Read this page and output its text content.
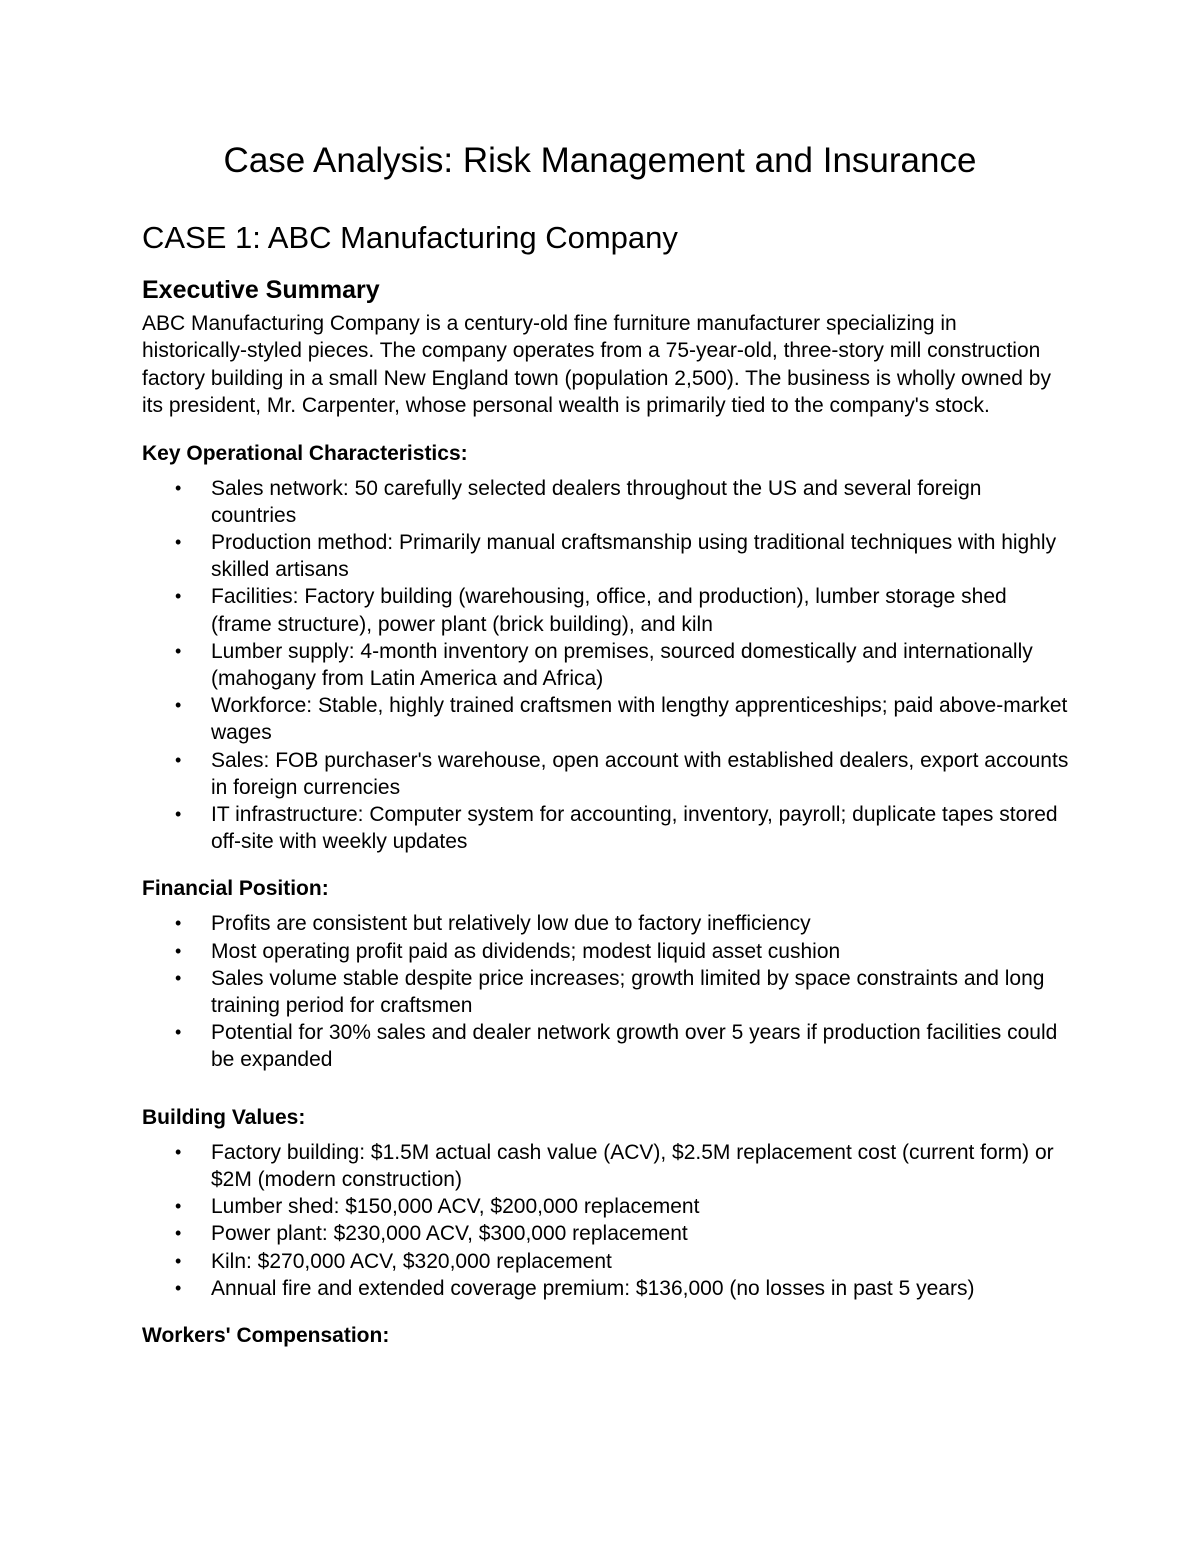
Case Analysis: Risk Management and Insurance
CASE 1: ABC Manufacturing Company
Executive Summary

ABC Manufacturing Company is a century-old fine furniture manufacturer specializing in historically-styled pieces. The company operates from a 75-year-old, three-story mill construction factory building in a small New England town (population 2,500). The business is wholly owned by its president, Mr. Carpenter, whose personal wealth is primarily tied to the company's stock.

Key Operational Characteristics:
• Sales network: 50 carefully selected dealers throughout the US and several foreign countries
• Production method: Primarily manual craftsmanship using traditional techniques with highly skilled artisans
• Facilities: Factory building (warehousing, office, and production), lumber storage shed (frame structure), power plant (brick building), and kiln
• Lumber supply: 4-month inventory on premises, sourced domestically and internationally (mahogany from Latin America and Africa)
• Workforce: Stable, highly trained craftsmen with lengthy apprenticeships; paid above-market wages
• Sales: FOB purchaser's warehouse, open account with established dealers, export accounts in foreign currencies
• IT infrastructure: Computer system for accounting, inventory, payroll; duplicate tapes stored off-site with weekly updates
Financial Position:
• Profits are consistent but relatively low due to factory inefficiency
• Most operating profit paid as dividends; modest liquid asset cushion
• Sales volume stable despite price increases; growth limited by space constraints and long training period for craftsmen
• Potential for 30% sales and dealer network growth over 5 years if production facilities could be expanded
Building Values:
• Factory building: $1.5M actual cash value (ACV), $2.5M replacement cost (current form) or $2M (modern construction)
• Lumber shed: $150,000 ACV, $200,000 replacement
• Power plant: $230,000 ACV, $300,000 replacement
• Kiln: $270,000 ACV, $320,000 replacement
• Annual fire and extended coverage premium: $136,000 (no losses in past 5 years)
Workers' Compensation:
